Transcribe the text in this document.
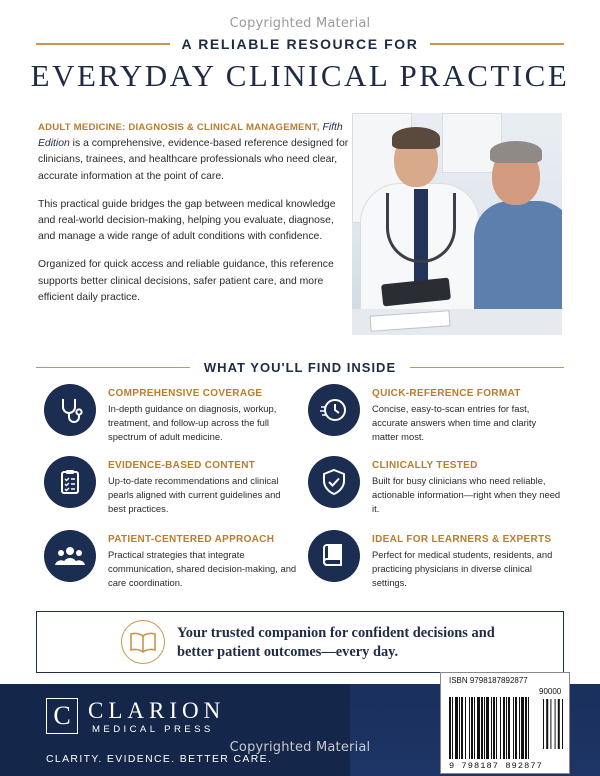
Copyrighted Material
A RELIABLE RESOURCE FOR
EVERYDAY CLINICAL PRACTICE

ADULT MEDICINE: DIAGNOSIS & CLINICAL MANAGEMENT, Fifth Edition is a comprehensive, evidence-based reference designed for clinicians, trainees, and healthcare professionals who need clear, accurate information at the point of care.

This practical guide bridges the gap between medical knowledge and real-world decision-making, helping you evaluate, diagnose, and manage a wide range of adult conditions with confidence.

Organized for quick access and reliable guidance, this reference supports better clinical decisions, safer patient care, and more efficient daily practice.

WHAT YOU'LL FIND INSIDE
COMPREHENSIVE COVERAGE
In-depth guidance on diagnosis, workup, treatment, and follow-up across the full spectrum of adult medicine.
QUICK-REFERENCE FORMAT
Concise, easy-to-scan entries for fast, accurate answers when time and clarity matter most.
EVIDENCE-BASED CONTENT
Up-to-date recommendations and clinical pearls aligned with current guidelines and best practices.
CLINICALLY TESTED
Built for busy clinicians who need reliable, actionable information—right when they need it.
PATIENT-CENTERED APPROACH
Practical strategies that integrate communication, shared decision-making, and care coordination.
IDEAL FOR LEARNERS & EXPERTS
Perfect for medical students, residents, and practicing physicians in diverse clinical settings.
Your trusted companion for confident decisions and better patient outcomes—every day.
C CLARION
MEDICAL PRESS
CLARITY. EVIDENCE. BETTER CARE.
ISBN 9798187892877
90000
9 798187 892877
Copyrighted Material
